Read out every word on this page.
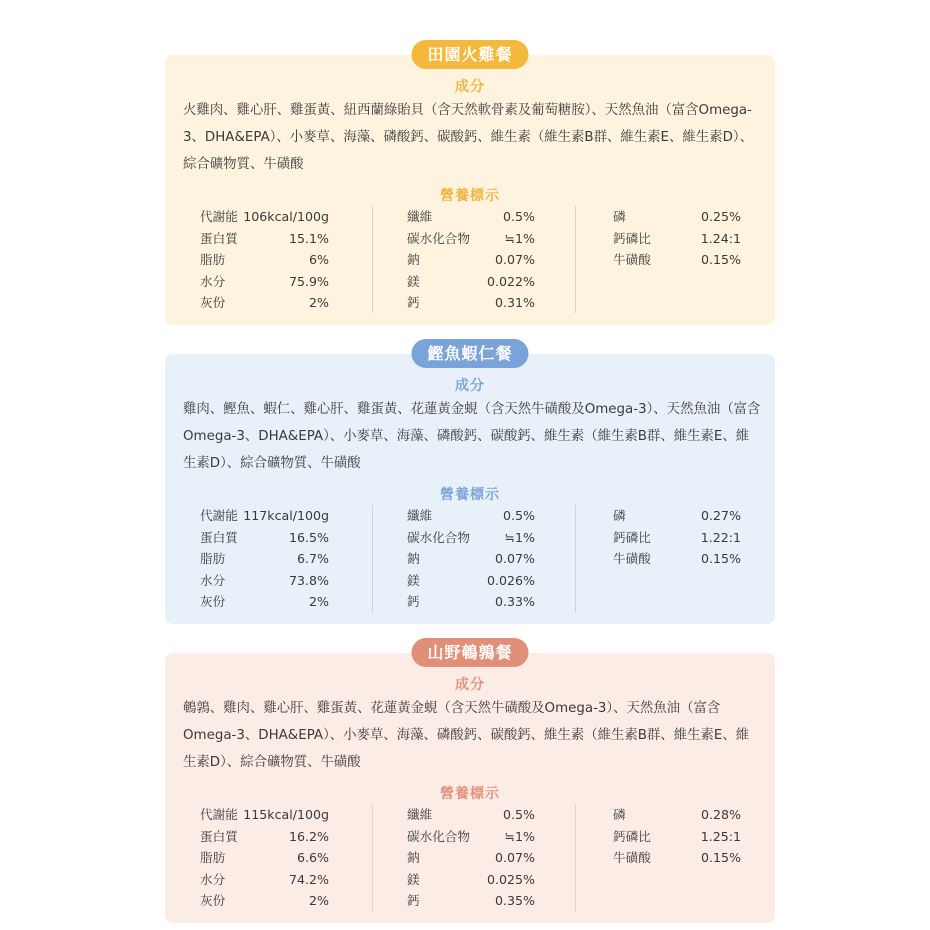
田園火雞餐
成分

火雞肉、雞心肝、雞蛋黃、紐西蘭綠貽貝（含天然軟骨素及葡萄糖胺）、天然魚油（富含Omega-3、DHA&EPA）、小麥草、海藻、磷酸鈣、碳酸鈣、維生素（維生素B群、維生素E、維生素D）、綜合礦物質、牛磺酸

營養標示
代謝能 106kcal/100g
蛋白質	15.1%
脂肪	6%
水分	75.9%
灰份	2%
纖維	0.5%
碳水化合物	≒1%
鈉	0.07%
鎂	0.022%
鈣	0.31%
磷	0.25%
鈣磷比	1.24:1
牛磺酸	0.15%
鰹魚蝦仁餐
成分

雞肉、鰹魚、蝦仁、雞心肝、雞蛋黃、花蓮黃金蜆（含天然牛磺酸及Omega-3）、天然魚油（富含Omega-3、DHA&EPA）、小麥草、海藻、磷酸鈣、碳酸鈣、維生素（維生素B群、維生素E、維生素D）、綜合礦物質、牛磺酸

營養標示
代謝能 117kcal/100g
蛋白質	16.5%
脂肪	6.7%
水分	73.8%
灰份	2%
纖維	0.5%
碳水化合物	≒1%
鈉	0.07%
鎂	0.026%
鈣	0.33%
磷	0.27%
鈣磷比	1.22:1
牛磺酸	0.15%
山野鵪鶉餐
成分

鵪鶉、雞肉、雞心肝、雞蛋黃、花蓮黃金蜆（含天然牛磺酸及Omega-3）、天然魚油（富含Omega-3、DHA&EPA）、小麥草、海藻、磷酸鈣、碳酸鈣、維生素（維生素B群、維生素E、維生素D）、綜合礦物質、牛磺酸

營養標示
代謝能 115kcal/100g
蛋白質	16.2%
脂肪	6.6%
水分	74.2%
灰份	2%
纖維	0.5%
碳水化合物	≒1%
鈉	0.07%
鎂	0.025%
鈣	0.35%
磷	0.28%
鈣磷比	1.25:1
牛磺酸	0.15%
